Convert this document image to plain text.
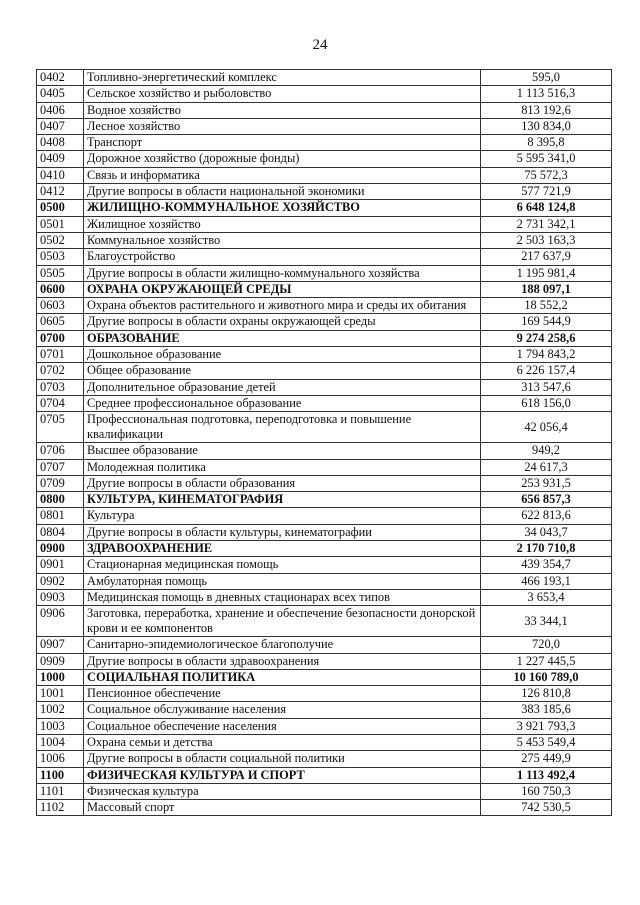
24
0402	Топливно-энергетический комплекс	595,0
0405	Сельское хозяйство и рыболовство	1 113 516,3
0406	Водное хозяйство	813 192,6
0407	Лесное хозяйство	130 834,0
0408	Транспорт	8 395,8
0409	Дорожное хозяйство (дорожные фонды)	5 595 341,0
0410	Связь и информатика	75 572,3
0412	Другие вопросы в области национальной экономики	577 721,9
0500	ЖИЛИЩНО-КОММУНАЛЬНОЕ ХОЗЯЙСТВО	6 648 124,8
0501	Жилищное хозяйство	2 731 342,1
0502	Коммунальное хозяйство	2 503 163,3
0503	Благоустройство	217 637,9
0505	Другие вопросы в области жилищно-коммунального хозяйства	1 195 981,4
0600	ОХРАНА ОКРУЖАЮЩЕЙ СРЕДЫ	188 097,1
0603	Охрана объектов растительного и животного мира и среды их обитания	18 552,2
0605	Другие вопросы в области охраны окружающей среды	169 544,9
0700	ОБРАЗОВАНИЕ	9 274 258,6
0701	Дошкольное образование	1 794 843,2
0702	Общее образование	6 226 157,4
0703	Дополнительное образование детей	313 547,6
0704	Среднее профессиональное образование	618 156,0
0705	Профессиональная подготовка, переподготовка и повышение квалификации	42 056,4
0706	Высшее образование	949,2
0707	Молодежная политика	24 617,3
0709	Другие вопросы в области образования	253 931,5
0800	КУЛЬТУРА, КИНЕМАТОГРАФИЯ	656 857,3
0801	Культура	622 813,6
0804	Другие вопросы в области культуры, кинематографии	34 043,7
0900	ЗДРАВООХРАНЕНИЕ	2 170 710,8
0901	Стационарная медицинская помощь	439 354,7
0902	Амбулаторная помощь	466 193,1
0903	Медицинская помощь в дневных стационарах всех типов	3 653,4
0906	Заготовка, переработка, хранение и обеспечение безопасности донорской крови и ее компонентов	33 344,1
0907	Санитарно-эпидемиологическое благополучие	720,0
0909	Другие вопросы в области здравоохранения	1 227 445,5
1000	СОЦИАЛЬНАЯ ПОЛИТИКА	10 160 789,0
1001	Пенсионное обеспечение	126 810,8
1002	Социальное обслуживание населения	383 185,6
1003	Социальное обеспечение населения	3 921 793,3
1004	Охрана семьи и детства	5 453 549,4
1006	Другие вопросы в области социальной политики	275 449,9
1100	ФИЗИЧЕСКАЯ КУЛЬТУРА И СПОРТ	1 113 492,4
1101	Физическая культура	160 750,3
1102	Массовый спорт	742 530,5
